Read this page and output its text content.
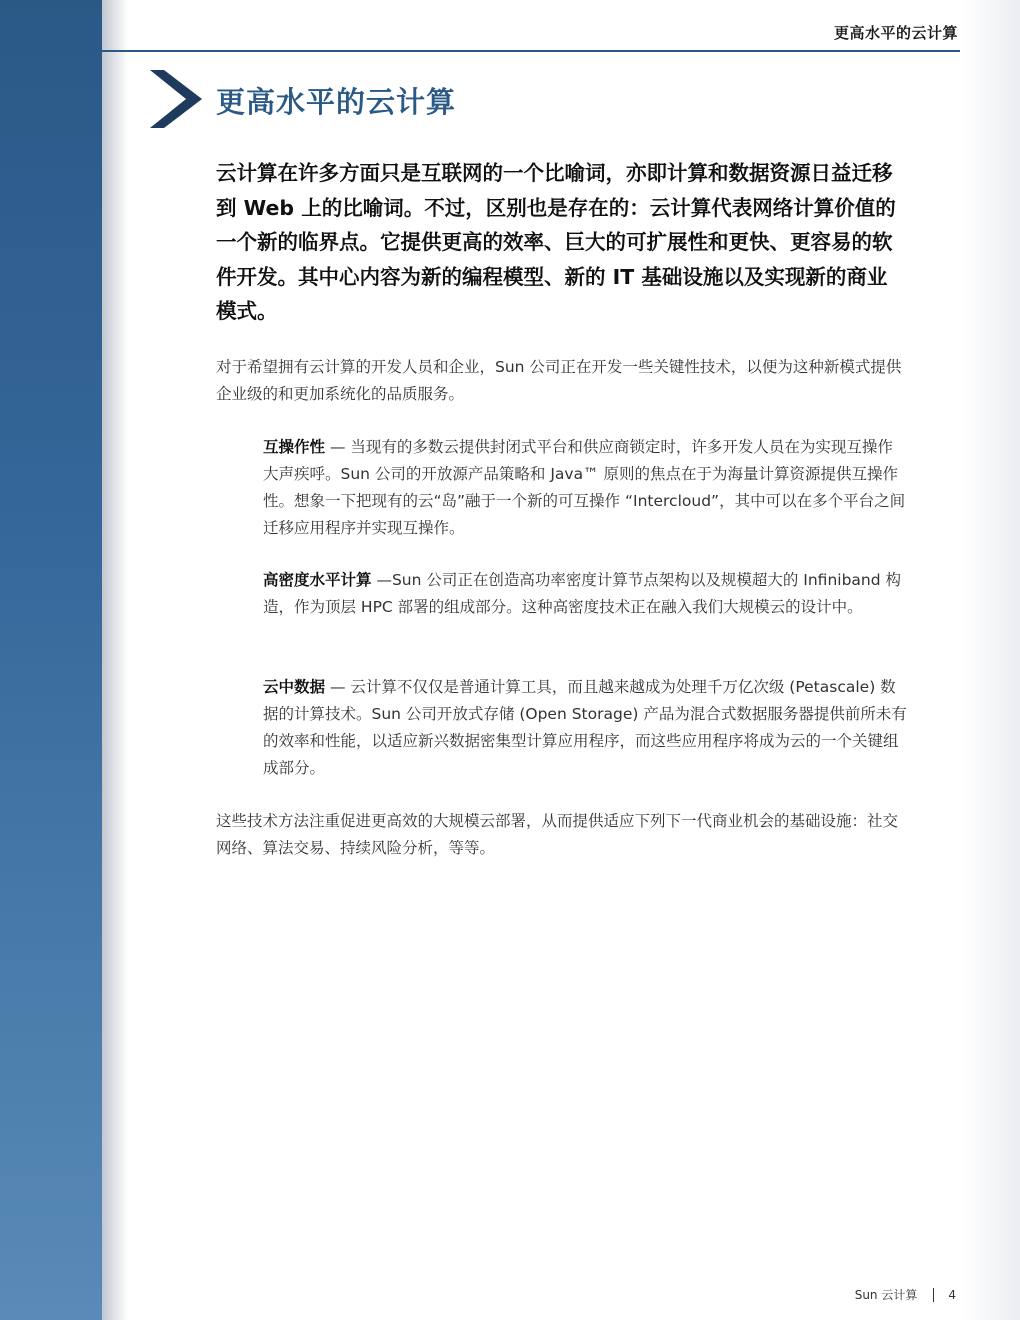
更高水平的云计算
更高水平的云计算

云计算在许多方面只是互联网的一个比喻词，亦即计算和数据资源日益迁移到 Web 上的比喻词。不过，区别也是存在的：云计算代表网络计算价值的一个新的临界点。它提供更高的效率、巨大的可扩展性和更快、更容易的软件开发。其中心内容为新的编程模型、新的 IT 基础设施以及实现新的商业模式。

对于希望拥有云计算的开发人员和企业，Sun 公司正在开发一些关键性技术，以便为这种新模式提供企业级的和更加系统化的品质服务。

互操作性 — 当现有的多数云提供封闭式平台和供应商锁定时，许多开发人员在为实现互操作大声疾呼。Sun 公司的开放源产品策略和 Java™ 原则的焦点在于为海量计算资源提供互操作性。想象一下把现有的云“岛”融于一个新的可互操作 “Intercloud”，其中可以在多个平台之间迁移应用程序并实现互操作。

高密度水平计算 —Sun 公司正在创造高功率密度计算节点架构以及规模超大的 Infiniband 构造，作为顶层 HPC 部署的组成部分。这种高密度技术正在融入我们大规模云的设计中。

云中数据 — 云计算不仅仅是普通计算工具，而且越来越成为处理千万亿次级 (Petascale) 数据的计算技术。Sun 公司开放式存储 (Open Storage) 产品为混合式数据服务器提供前所未有的效率和性能，以适应新兴数据密集型计算应用程序，而这些应用程序将成为云的一个关键组成部分。

这些技术方法注重促进更高效的大规模云部署，从而提供适应下列下一代商业机会的基础设施：社交网络、算法交易、持续风险分析，等等。

Sun 云计算	4
